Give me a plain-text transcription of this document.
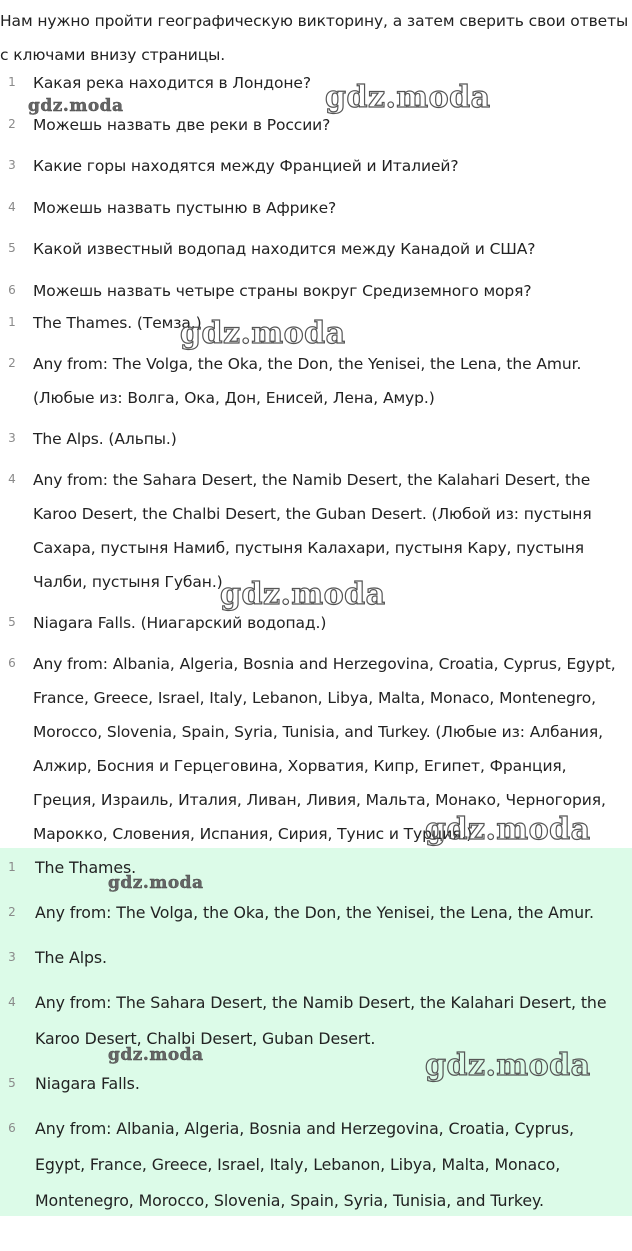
Нам нужно пройти географическую викторину, а затем сверить свои ответы с ключами внизу страницы.
1	Какая река находится в Лондоне?
2	Можешь назвать две реки в России?
3	Какие горы находятся между Францией и Италией?
4	Можешь назвать пустыню в Африке?
5	Какой известный водопад находится между Канадой и США?
6	Можешь назвать четыре страны вокруг Средиземного моря?
1	The Thames. (Темза.)
2	Any from: The Volga, the Oka, the Don, the Yenisei, the Lena, the Amur. (Любые из: Волга, Ока, Дон, Енисей, Лена, Амур.)
3	The Alps. (Альпы.)
4	Any from: the Sahara Desert, the Namib Desert, the Kalahari Desert, the Karoo Desert, the Chalbi Desert, the Guban Desert. (Любой из: пустыня Сахара, пустыня Намиб, пустыня Калахари, пустыня Кару, пустыня Чалби, пустыня Губан.)
5	Niagara Falls. (Ниагарский водопад.)
6	Any from: Albania, Algeria, Bosnia and Herzegovina, Croatia, Cyprus, Egypt, France, Greece, Israel, Italy, Lebanon, Libya, Malta, Monaco, Montenegro, Morocco, Slovenia, Spain, Syria, Tunisia, and Turkey. (Любые из: Албания, Алжир, Босния и Герцеговина, Хорватия, Кипр, Египет, Франция, Греция, Израиль, Италия, Ливан, Ливия, Мальта, Монако, Черногория, Марокко, Словения, Испания, Сирия, Тунис и Турция.)
1	The Thames.
2	Any from: The Volga, the Oka, the Don, the Yenisei, the Lena, the Amur.
3	The Alps.
4	Any from: The Sahara Desert, the Namib Desert, the Kalahari Desert, the Karoo Desert, Chalbi Desert, Guban Desert.
5	Niagara Falls.
6	Any from: Albania, Algeria, Bosnia and Herzegovina, Croatia, Cyprus, Egypt, France, Greece, Israel, Italy, Lebanon, Libya, Malta, Monaco, Montenegro, Morocco, Slovenia, Spain, Syria, Tunisia, and Turkey.
gdz.moda	gdz.moda
gdz.moda
gdz.moda
gdz.moda
gdz.moda
gdz.moda
